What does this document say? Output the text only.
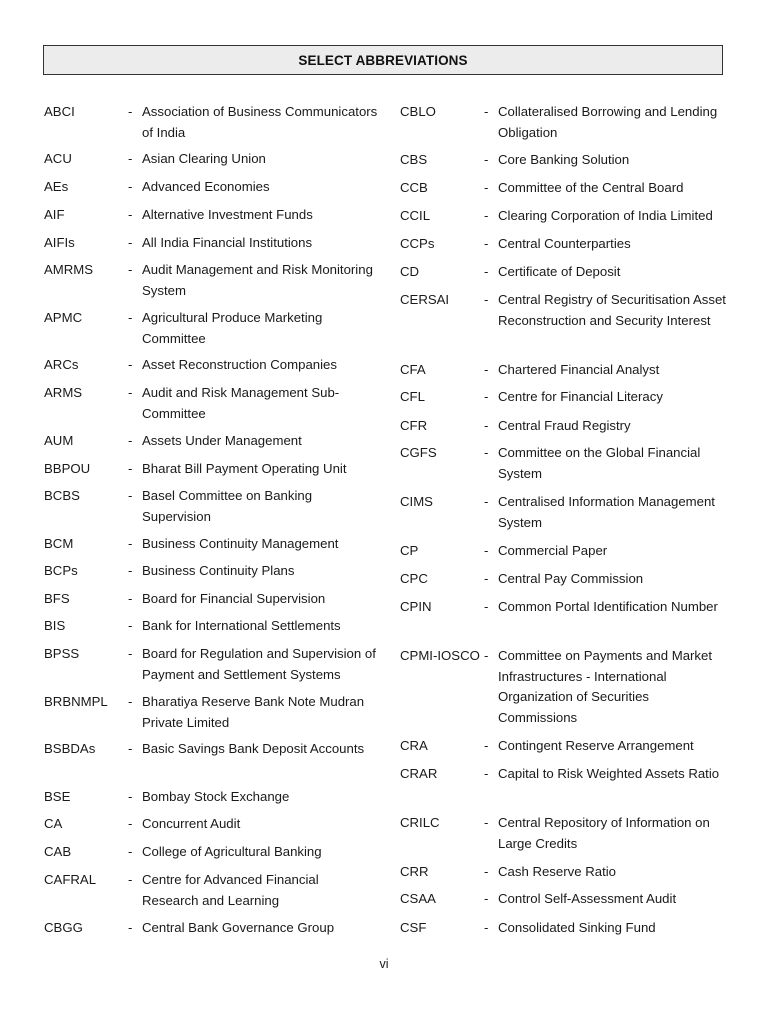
SELECT ABBREVIATIONS
ABCI	- Association of Business Communicators of India
ACU	- Asian Clearing Union
AEs	- Advanced Economies
AIF	- Alternative Investment Funds
AIFIs	- All India Financial Institutions
AMRMS	- Audit Management and Risk Monitoring System
APMC	- Agricultural Produce Marketing Committee
ARCs	- Asset Reconstruction Companies
ARMS	- Audit and Risk Management Sub-Committee
AUM	- Assets Under Management
BBPOU	- Bharat Bill Payment Operating Unit
BCBS	- Basel Committee on Banking Supervision
BCM	- Business Continuity Management
BCPs	- Business Continuity Plans
BFS	- Board for Financial Supervision
BIS	- Bank for International Settlements
BPSS	- Board for Regulation and Supervision of Payment and Settlement Systems
BRBNMPL	- Bharatiya Reserve Bank Note Mudran Private Limited
BSBDAs	- Basic Savings Bank Deposit Accounts
BSE	- Bombay Stock Exchange
CA	- Concurrent Audit
CAB	- College of Agricultural Banking
CAFRAL	- Centre for Advanced Financial Research and Learning
CBGG	- Central Bank Governance Group
CBLO	- Collateralised Borrowing and Lending Obligation
CBS	- Core Banking Solution
CCB	- Committee of the Central Board
CCIL	- Clearing Corporation of India Limited
CCPs	- Central Counterparties
CD	- Certificate of Deposit
CERSAI	- Central Registry of Securitisation Asset Reconstruction and Security Interest
CFA	- Chartered Financial Analyst
CFL	- Centre for Financial Literacy
CFR	- Central Fraud Registry
CGFS	- Committee on the Global Financial System
CIMS	- Centralised Information Management System
CP	- Commercial Paper
CPC	- Central Pay Commission
CPIN	- Common Portal Identification Number
CPMI-IOSCO - Committee on Payments and Market Infrastructures - International Organization of Securities Commissions
CRA	- Contingent Reserve Arrangement
CRAR	- Capital to Risk Weighted Assets Ratio
CRILC	- Central Repository of Information on Large Credits
CRR	- Cash Reserve Ratio
CSAA	- Control Self-Assessment Audit
CSF	- Consolidated Sinking Fund
vi
